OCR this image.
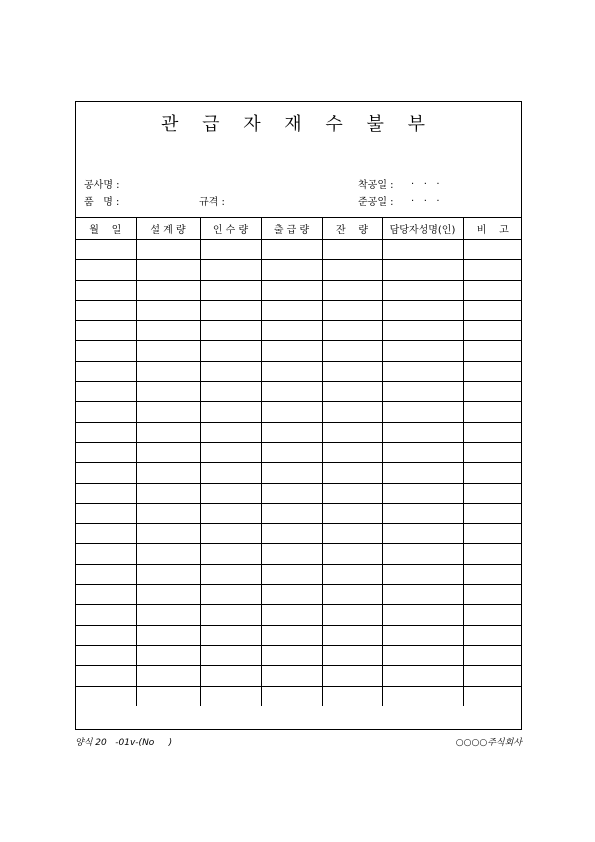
관 급 자 재 수 불 부
공사명 :
품   명 :	규격 :
착공일 : .   .   .
준공일 : .   .   .
월    일	설 계 량	인 수 량	출 급 량	잔    량	담당자성명(인)	비    고

양식 20   -01v-(No     )	○○○○주식회사
